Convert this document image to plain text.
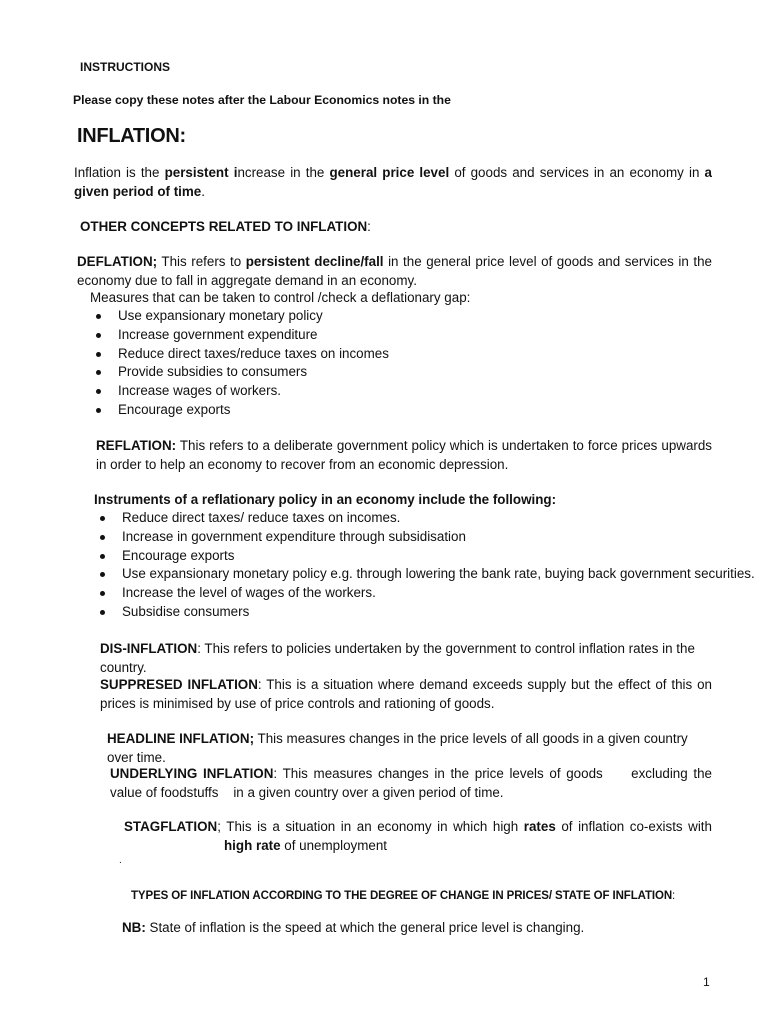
INSTRUCTIONS
Please copy these notes after the Labour Economics notes in the
INFLATION:

Inflation is the persistent increase in the general price level of goods and services in an economy in a given period of time.

OTHER CONCEPTS RELATED TO INFLATION:

DEFLATION; This refers to persistent decline/fall in the general price level of goods and services in the economy due to fall in aggregate demand in an economy.

Measures that can be taken to control /check a deflationary gap:
Use expansionary monetary policy
Increase government expenditure
Reduce direct taxes/reduce taxes on incomes
Provide subsidies to consumers
Increase wages of workers.
Encourage exports

REFLATION: This refers to a deliberate government policy which is undertaken to force prices upwards in order to help an economy to recover from an economic depression.

Instruments of a reflationary policy in an economy include the following:
Reduce direct taxes/ reduce taxes on incomes.
Increase in government expenditure through subsidisation
Encourage exports
Use expansionary monetary policy e.g. through lowering the bank rate, buying back government securities.
Increase the level of wages of the workers.
Subsidise consumers

DIS-INFLATION: This refers to policies undertaken by the government to control inflation rates in the country.

SUPPRESED INFLATION: This is a situation where demand exceeds supply but the effect of this on prices is minimised by use of price controls and rationing of goods.

HEADLINE INFLATION; This measures changes in the price levels of all goods in a given country over time.

UNDERLYING INFLATION: This measures changes in the price levels of goods     excluding the value of foodstuffs    in a given country over a given period of time.

STAGFLATION; This is a situation in an economy in which high rates of inflation co-exists with high rate of unemployment

.
TYPES OF INFLATION ACCORDING TO THE DEGREE OF CHANGE IN PRICES/ STATE OF INFLATION:

NB: State of inflation is the speed at which the general price level is changing.

1
